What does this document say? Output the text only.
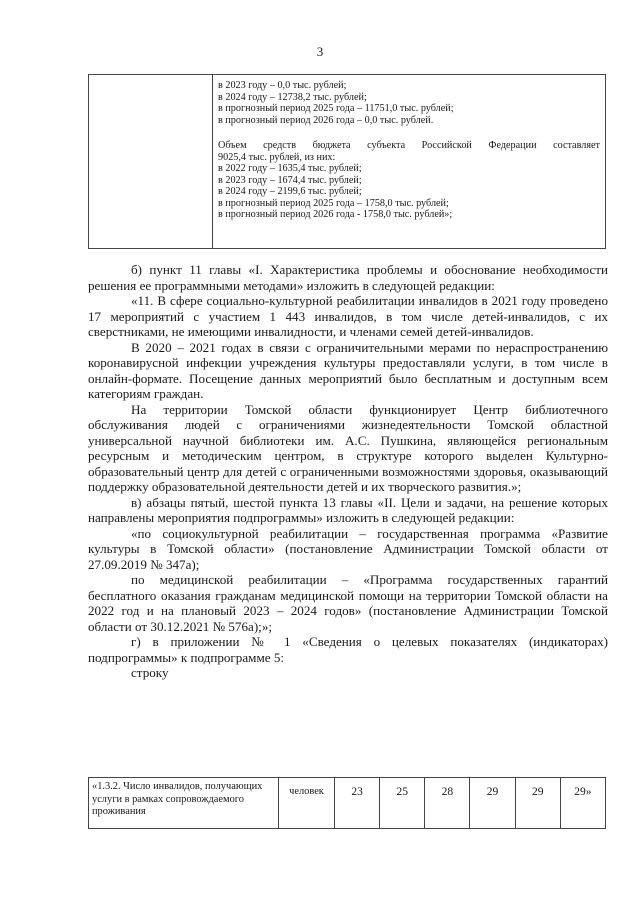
3

в 2023 году – 0,0 тыс. рублей;
в 2024 году – 12738,2 тыс. рублей;
в прогнозный период 2025 года – 11751,0 тыс. рублей;
в прогнозный период 2026 года – 0,0 тыс. рублей.
Объем средств бюджета субъекта Российской Федерации составляет
9025,4 тыс. рублей, из них:
в 2022 году – 1635,4 тыс. рублей;
в 2023 году – 1674,4 тыс. рублей;
в 2024 году – 2199,6 тыс. рублей;
в прогнозный период 2025 года – 1758,0 тыс. рублей;
в прогнозный период 2026 года - 1758,0 тыс. рублей»;

б) пункт 11 главы «I. Характеристика проблемы и обоснование необходимости решения ее программными методами» изложить в следующей редакции:

«11. В сфере социально-культурной реабилитации инвалидов в 2021 году проведено 17 мероприятий с участием 1 443 инвалидов, в том числе детей-инвалидов, с их сверстниками, не имеющими инвалидности, и членами семей детей-инвалидов.

В 2020 – 2021 годах в связи с ограничительными мерами по нераспространению коронавирусной инфекции учреждения культуры предоставляли услуги, в том числе в онлайн-формате. Посещение данных мероприятий было бесплатным и доступным всем категориям граждан.

На территории Томской области функционирует Центр библиотечного обслуживания людей с ограничениями жизнедеятельности Томской областной универсальной научной библиотеки им. А.С. Пушкина, являющейся региональным ресурсным и методическим центром, в структуре которого выделен Культурно-образовательный центр для детей с ограниченными возможностями здоровья, оказывающий поддержку образовательной деятельности детей и их творческого развития.»;

в) абзацы пятый, шестой пункта 13 главы «II. Цели и задачи, на решение которых направлены мероприятия подпрограммы» изложить в следующей редакции:

«по социокультурной реабилитации – государственная программа «Развитие культуры в Томской области» (постановление Администрации Томской области от 27.09.2019 № 347а);

по медицинской реабилитации – «Программа государственных гарантий бесплатного оказания гражданам медицинской помощи на территории Томской области на 2022 год и на плановый 2023 – 2024 годов» (постановление Администрации Томской области от 30.12.2021 № 576а);»;

г) в приложении № 1 «Сведения о целевых показателях (индикаторах) подпрограммы» к подпрограмме 5:

строку

«1.3.2. Число инвалидов, получающих услуги в рамках сопровождаемого проживания	человек	23	25	28	29	29	29»
